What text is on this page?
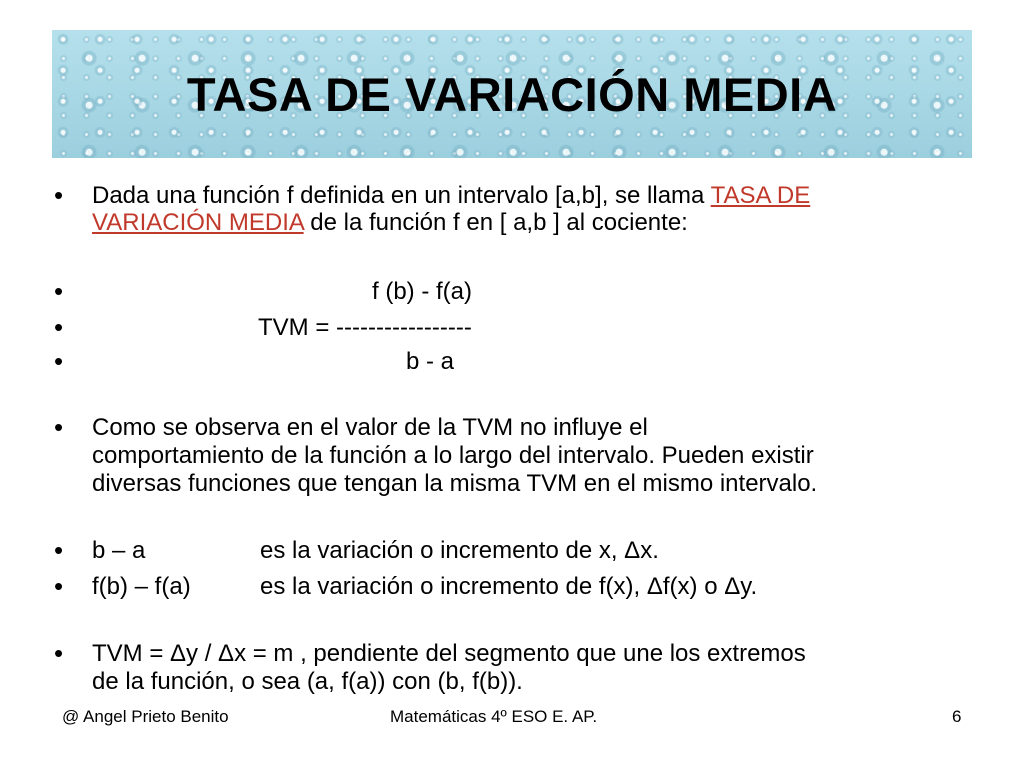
TASA DE VARIACIÓN MEDIA
• Dada una función f definida en un intervalo [a,b], se llama TASA DE
VARIACIÓN MEDIA de la función f en [ a,b ] al cociente:
•	f (b) - f(a)
•	TVM = -----------------
•	b - a
• Como se observa en el valor de la TVM no influye el
comportamiento de la función a lo largo del intervalo. Pueden existir
diversas funciones que tengan la misma TVM en el mismo intervalo.
• b – a	es la variación o incremento de x, Δx.
• f(b) – f(a)	es la variación o incremento de f(x), Δf(x) o Δy.
• TVM = Δy / Δx = m , pendiente del segmento que une los extremos
de la función, o sea (a, f(a)) con (b, f(b)).
@ Angel Prieto Benito	Matemáticas 4º ESO E. AP.	6
